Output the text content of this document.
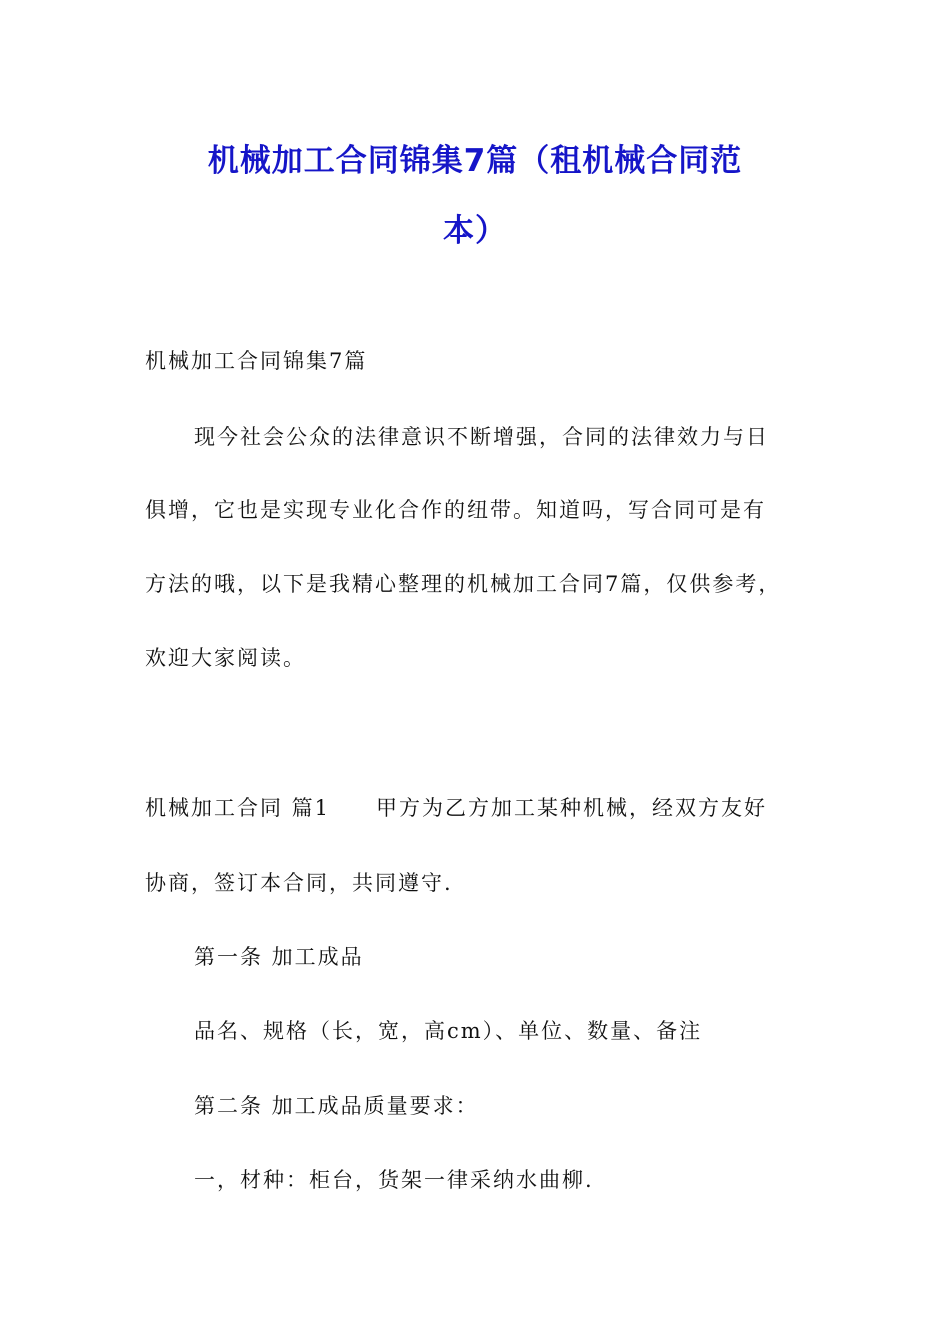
机械加工合同锦集7篇（租机械合同范
本）
机械加工合同锦集7篇
现今社会公众的法律意识不断增强，合同的法律效力与日
俱增，它也是实现专业化合作的纽带。知道吗，写合同可是有
方法的哦，以下是我精心整理的机械加工合同7篇，仅供参考，
欢迎大家阅读。
机械加工合同 篇1 甲方为乙方加工某种机械，经双方友好
协商，签订本合同，共同遵守.
第一条 加工成品
品名、规格（长，宽，高cm）、单位、数量、备注
第二条 加工成品质量要求：
一，材种：柜台，货架一律采纳水曲柳.
